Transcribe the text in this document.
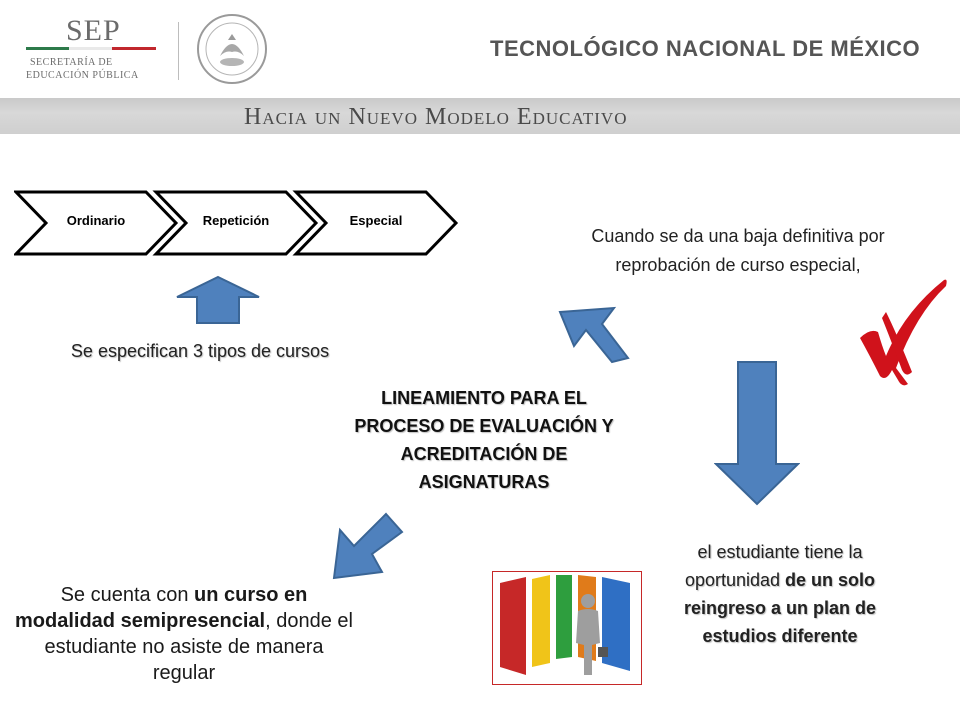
SEP
SECRETARÍA DE
EDUCACIÓN PÚBLICA
TECNOLÓGICO NACIONAL DE MÉXICO
Hacia un Nuevo Modelo Educativo
Ordinario	Repetición	Especial
Se especifican 3 tipos de cursos
LINEAMIENTO PARA EL PROCESO DE EVALUACIÓN Y ACREDITACIÓN DE ASIGNATURAS
Cuando se da una baja definitiva por reprobación de curso especial,
Se cuenta con un curso en modalidad semipresencial, donde el estudiante no asiste de manera regular
el estudiante tiene la oportunidad de un solo reingreso a un plan de estudios diferente
